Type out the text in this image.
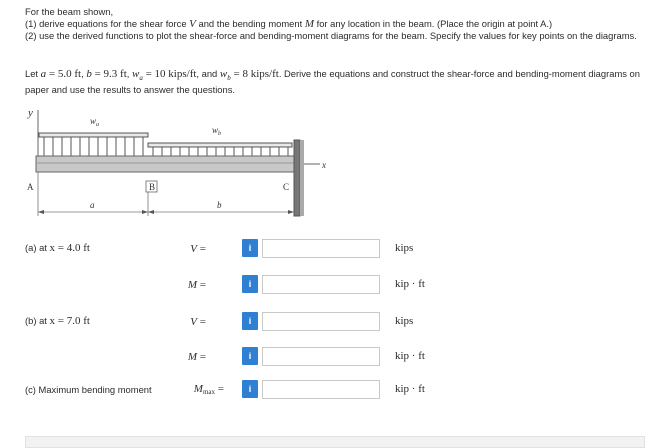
For the beam shown,
(1) derive equations for the shear force V and the bending moment M for any location in the beam. (Place the origin at point A.)
(2) use the derived functions to plot the shear-force and bending-moment diagrams for the beam. Specify the values for key points on the diagrams.
Let a = 5.0 ft, b = 9.3 ft, $w_a = 10$ kips/ft, and $w_b = 8$ kips/ft. Derive the equations and construct the shear-force and bending-moment diagrams on paper and use the results to answer the questions.
y
$w_a$	$w_b$
x
A	B	C
a	b
(a) at x = 4.0 ft	V =	i	kips
M =	i	kip · ft
(b) at x = 7.0 ft	V =	i	kips
M =	i	kip · ft
(c) Maximum bending moment	$M_{max}$ =	i	kip · ft
